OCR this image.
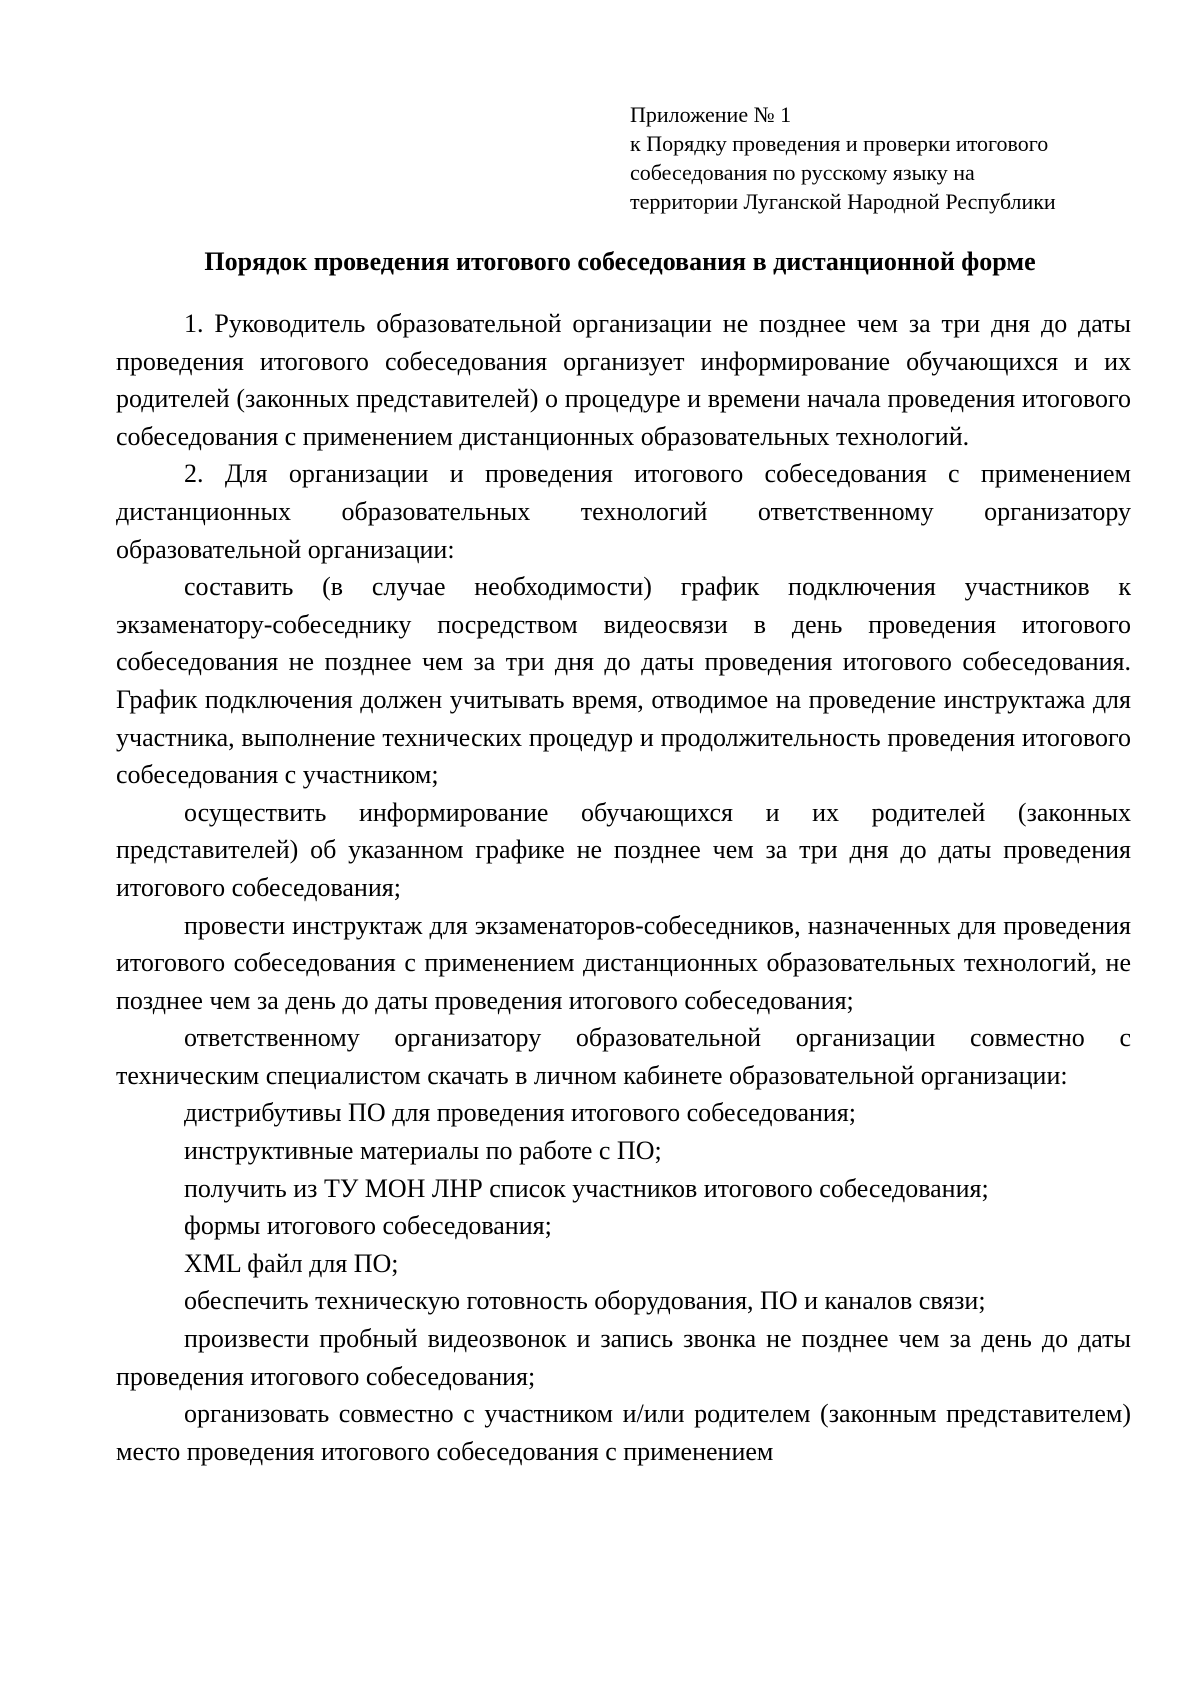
Приложение № 1
к Порядку проведения и проверки итогового
собеседования по русскому языку на
территории Луганской Народной Республики
Порядок проведения итогового собеседования в дистанционной форме

1. Руководитель образовательной организации не позднее чем за три дня до даты проведения итогового собеседования организует информирование обучающихся и их родителей (законных представителей) о процедуре и времени начала проведения итогового собеседования с применением дистанционных образовательных технологий.

2. Для организации и проведения итогового собеседования с применением дистанционных образовательных технологий ответственному организатору образовательной организации:

составить (в случае необходимости) график подключения участников к экзаменатору-собеседнику посредством видеосвязи в день проведения итогового собеседования не позднее чем за три дня до даты проведения итогового собеседования. График подключения должен учитывать время, отводимое на проведение инструктажа для участника, выполнение технических процедур и продолжительность проведения итогового собеседования с участником;

осуществить информирование обучающихся и их родителей (законных представителей) об указанном графике не позднее чем за три дня до даты проведения итогового собеседования;

провести инструктаж для экзаменаторов-собеседников, назначенных для проведения итогового собеседования с применением дистанционных образовательных технологий, не позднее чем за день до даты проведения итогового собеседования;

ответственному организатору образовательной организации совместно с техническим специалистом скачать в личном кабинете образовательной организации:

дистрибутивы ПО для проведения итогового собеседования;

инструктивные материалы по работе с ПО;

получить из ТУ МОН ЛНР список участников итогового собеседования;

формы итогового собеседования;

XML файл для ПО;

обеспечить техническую готовность оборудования, ПО и каналов связи;

произвести пробный видеозвонок и запись звонка не позднее чем за день до даты проведения итогового собеседования;

организовать совместно с участником и/или родителем (законным представителем) место проведения итогового собеседования с применением
